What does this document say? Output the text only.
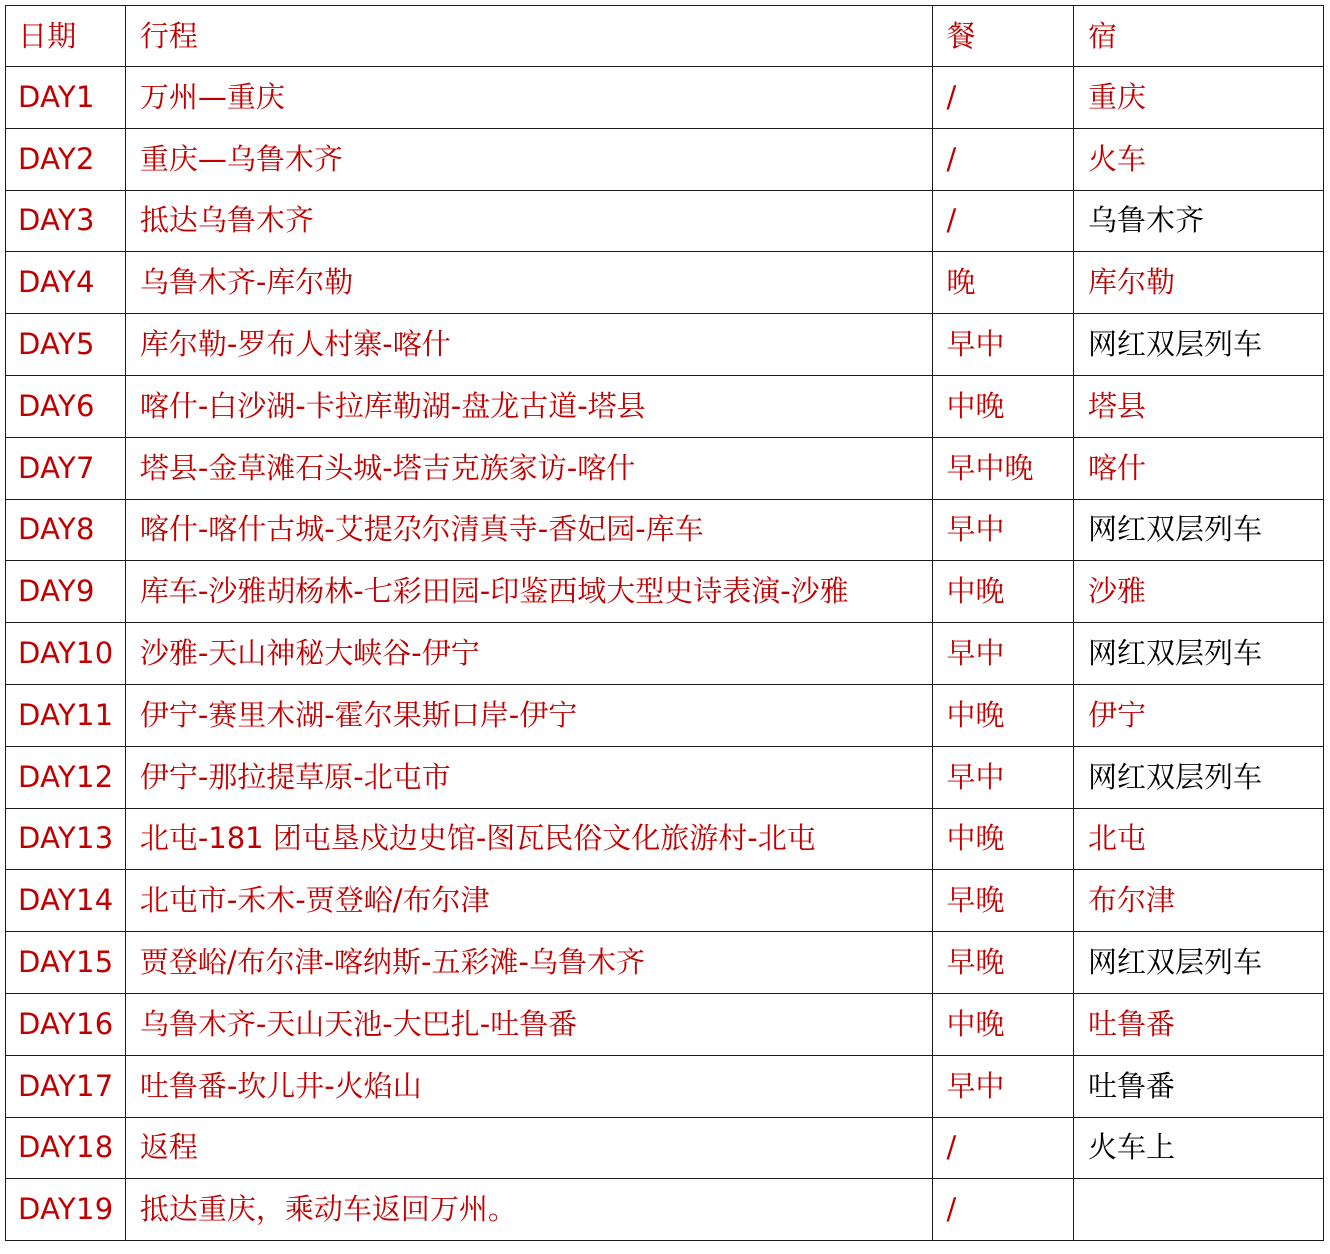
日期	行程	餐	宿
DAY1	万州—重庆	/	重庆
DAY2	重庆—乌鲁木齐	/	火车
DAY3	抵达乌鲁木齐	/	乌鲁木齐
DAY4	乌鲁木齐-库尔勒	晚	库尔勒
DAY5	库尔勒-罗布人村寨-喀什	早中	网红双层列车
DAY6	喀什-白沙湖-卡拉库勒湖-盘龙古道-塔县	中晚	塔县
DAY7	塔县-金草滩石头城-塔吉克族家访-喀什	早中晚	喀什
DAY8	喀什-喀什古城-艾提尕尔清真寺-香妃园-库车	早中	网红双层列车
DAY9	库车-沙雅胡杨林-七彩田园-印鉴西域大型史诗表演-沙雅	中晚	沙雅
DAY10	沙雅-天山神秘大峡谷-伊宁	早中	网红双层列车
DAY11	伊宁-赛里木湖-霍尔果斯口岸-伊宁	中晚	伊宁
DAY12	伊宁-那拉提草原-北屯市	早中	网红双层列车
DAY13	北屯-181 团屯垦戍边史馆-图瓦民俗文化旅游村-北屯	中晚	北屯
DAY14	北屯市-禾木-贾登峪/布尔津	早晚	布尔津
DAY15	贾登峪/布尔津-喀纳斯-五彩滩-乌鲁木齐	早晚	网红双层列车
DAY16	乌鲁木齐-天山天池-大巴扎-吐鲁番	中晚	吐鲁番
DAY17	吐鲁番-坎儿井-火焰山	早中	吐鲁番
DAY18	返程	/	火车上
DAY19	抵达重庆，乘动车返回万州。	/	
